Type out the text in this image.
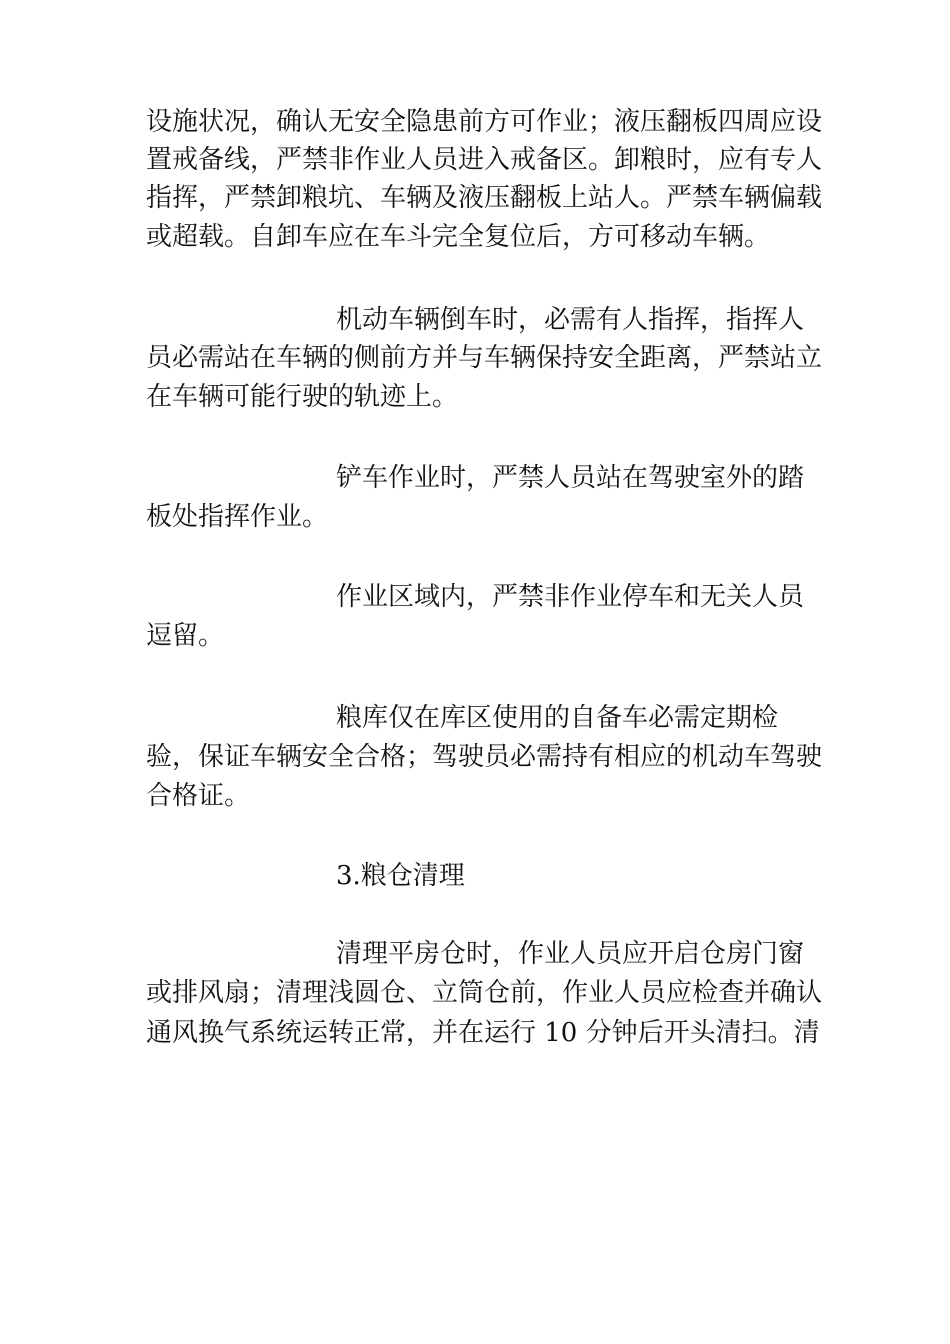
设施状况，确认无安全隐患前方可作业；液压翻板四周应设
置戒备线，严禁非作业人员进入戒备区。卸粮时，应有专人
指挥，严禁卸粮坑、车辆及液压翻板上站人。严禁车辆偏载
或超载。自卸车应在车斗完全复位后，方可移动车辆。
机动车辆倒车时，必需有人指挥，指挥人
员必需站在车辆的侧前方并与车辆保持安全距离，严禁站立
在车辆可能行驶的轨迹上。
铲车作业时，严禁人员站在驾驶室外的踏
板处指挥作业。
作业区域内，严禁非作业停车和无关人员
逗留。
粮库仅在库区使用的自备车必需定期检
验，保证车辆安全合格；驾驶员必需持有相应的机动车驾驶
合格证。
3.粮仓清理
清理平房仓时，作业人员应开启仓房门窗
或排风扇；清理浅圆仓、立筒仓前，作业人员应检查并确认
通风换气系统运转正常，并在运行 10 分钟后开头清扫。清
